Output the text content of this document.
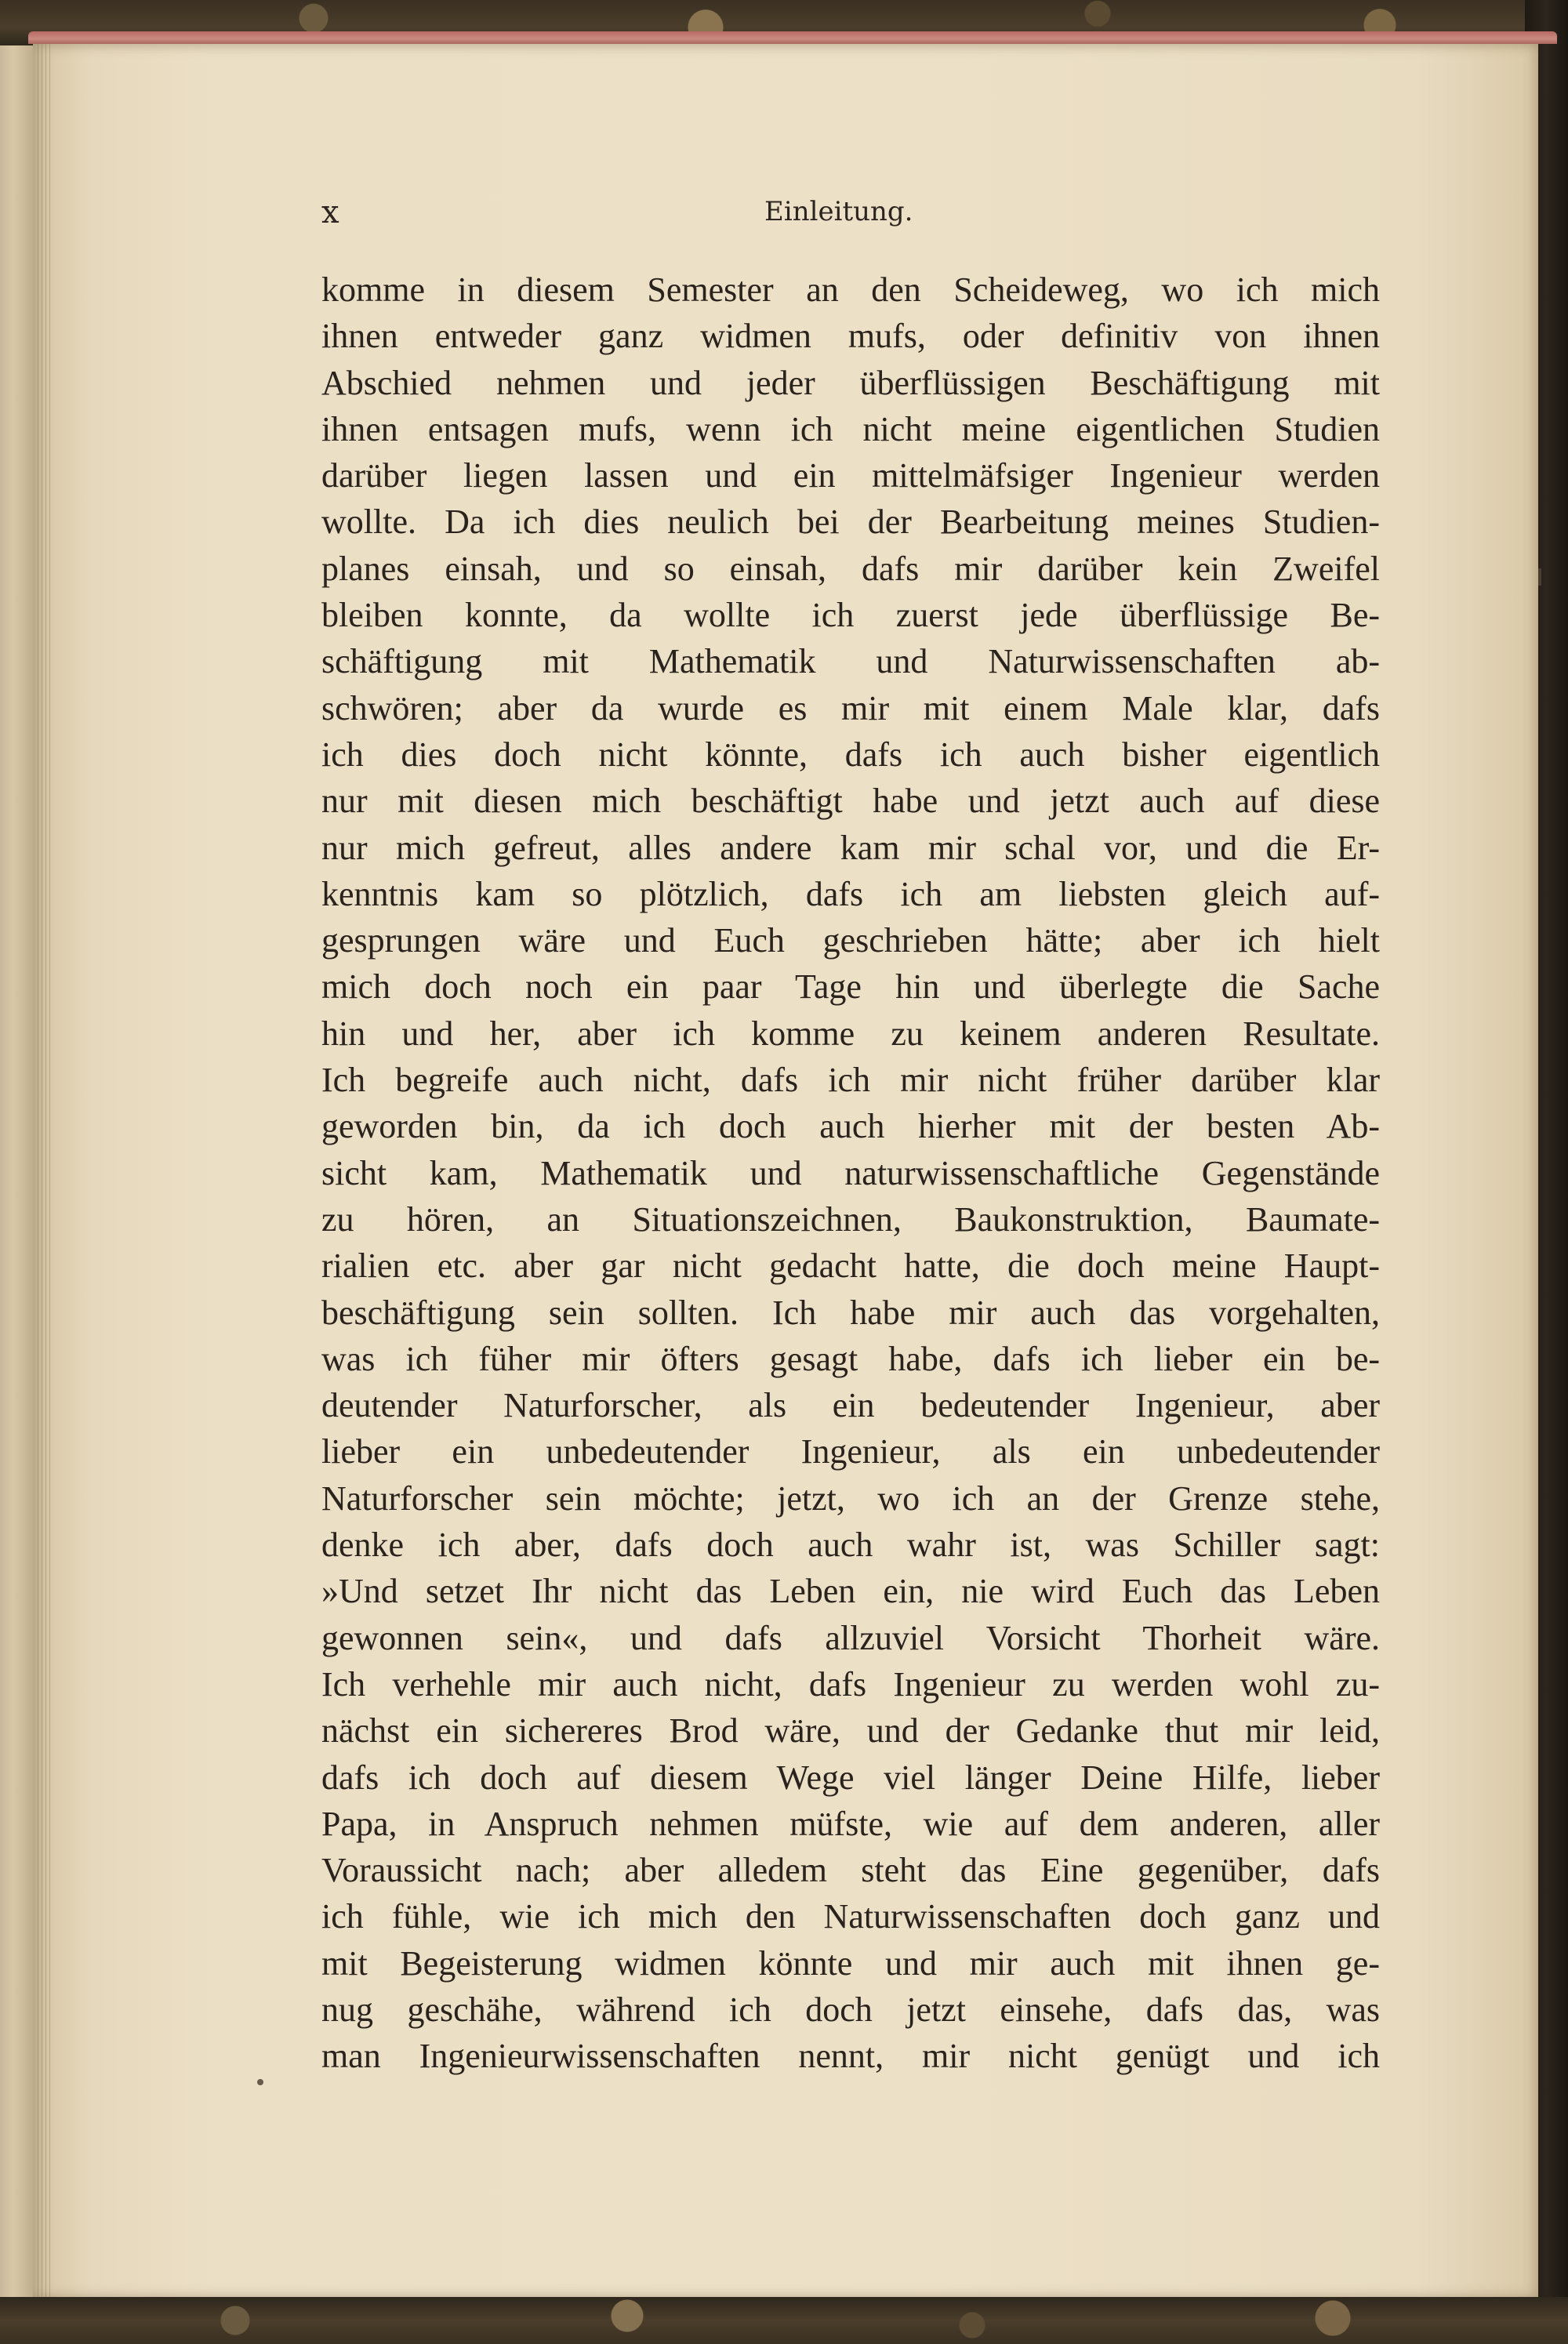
x	Einleitung.
komme in diesem Semester an den Scheideweg, wo ich mich
ihnen entweder ganz widmen mufs, oder definitiv von ihnen
Abschied nehmen und jeder überflüssigen Beschäftigung mit
ihnen entsagen mufs, wenn ich nicht meine eigentlichen Studien
darüber liegen lassen und ein mittelmäfsiger Ingenieur werden
wollte. Da ich dies neulich bei der Bearbeitung meines Studien-
planes einsah, und so einsah, dafs mir darüber kein Zweifel
bleiben konnte, da wollte ich zuerst jede überflüssige Be-
schäftigung mit Mathematik und Naturwissenschaften ab-
schwören; aber da wurde es mir mit einem Male klar, dafs
ich dies doch nicht könnte, dafs ich auch bisher eigentlich
nur mit diesen mich beschäftigt habe und jetzt auch auf diese
nur mich gefreut, alles andere kam mir schal vor, und die Er-
kenntnis kam so plötzlich, dafs ich am liebsten gleich auf-
gesprungen wäre und Euch geschrieben hätte; aber ich hielt
mich doch noch ein paar Tage hin und überlegte die Sache
hin und her, aber ich komme zu keinem anderen Resultate.
Ich begreife auch nicht, dafs ich mir nicht früher darüber klar
geworden bin, da ich doch auch hierher mit der besten Ab-
sicht kam, Mathematik und naturwissenschaftliche Gegenstände
zu hören, an Situationszeichnen, Baukonstruktion, Baumate-
rialien etc. aber gar nicht gedacht hatte, die doch meine Haupt-
beschäftigung sein sollten. Ich habe mir auch das vorgehalten,
was ich füher mir öfters gesagt habe, dafs ich lieber ein be-
deutender Naturforscher, als ein bedeutender Ingenieur, aber
lieber ein unbedeutender Ingenieur, als ein unbedeutender
Naturforscher sein möchte; jetzt, wo ich an der Grenze stehe,
denke ich aber, dafs doch auch wahr ist, was Schiller sagt:
»Und setzet Ihr nicht das Leben ein, nie wird Euch das Leben
gewonnen sein«, und dafs allzuviel Vorsicht Thorheit wäre.
Ich verhehle mir auch nicht, dafs Ingenieur zu werden wohl zu-
nächst ein sichereres Brod wäre, und der Gedanke thut mir leid,
dafs ich doch auf diesem Wege viel länger Deine Hilfe, lieber
Papa, in Anspruch nehmen müfste, wie auf dem anderen, aller
Voraussicht nach; aber alledem steht das Eine gegenüber, dafs
ich fühle, wie ich mich den Naturwissenschaften doch ganz und
mit Begeisterung widmen könnte und mir auch mit ihnen ge-
nug geschähe, während ich doch jetzt einsehe, dafs das, was
man Ingenieurwissenschaften nennt, mir nicht genügt und ich
